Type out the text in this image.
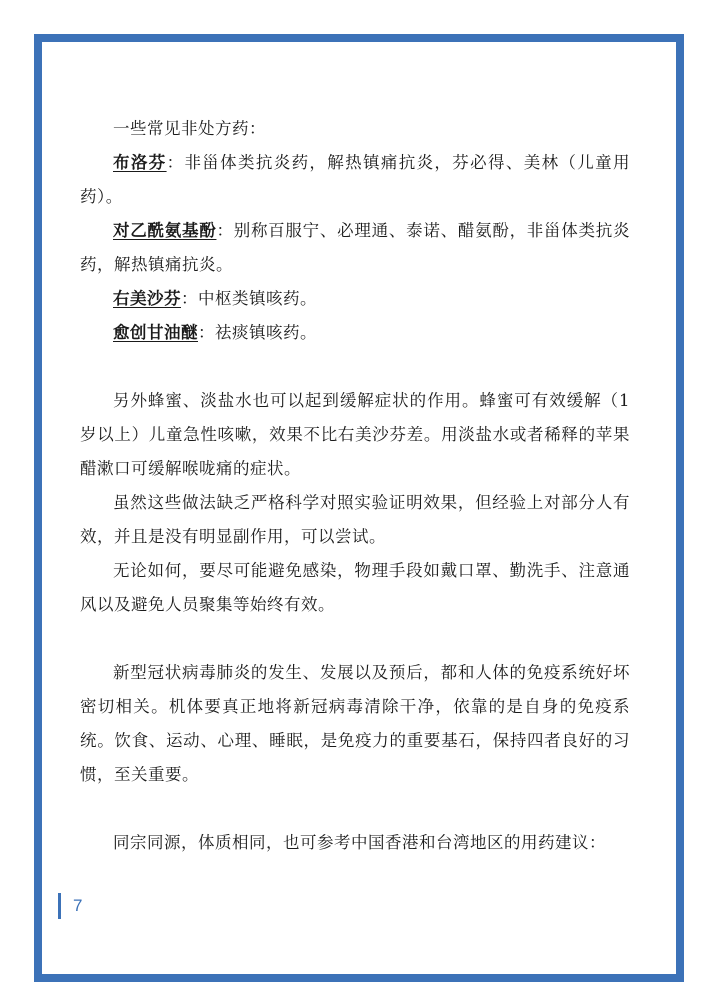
一些常见非处方药：

布洛芬：非甾体类抗炎药，解热镇痛抗炎，芬必得、美林（儿童用药）。

对乙酰氨基酚：别称百服宁、必理通、泰诺、醋氨酚，非甾体类抗炎药，解热镇痛抗炎。

右美沙芬：中枢类镇咳药。

愈创甘油醚：祛痰镇咳药。

另外蜂蜜、淡盐水也可以起到缓解症状的作用。蜂蜜可有效缓解（1岁以上）儿童急性咳嗽，效果不比右美沙芬差。用淡盐水或者稀释的苹果醋漱口可缓解喉咙痛的症状。

虽然这些做法缺乏严格科学对照实验证明效果，但经验上对部分人有效，并且是没有明显副作用，可以尝试。

无论如何，要尽可能避免感染，物理手段如戴口罩、勤洗手、注意通风以及避免人员聚集等始终有效。

新型冠状病毒肺炎的发生、发展以及预后，都和人体的免疫系统好坏密切相关。机体要真正地将新冠病毒清除干净，依靠的是自身的免疫系统。饮食、运动、心理、睡眠，是免疫力的重要基石，保持四者良好的习惯，至关重要。

同宗同源，体质相同，也可参考中国香港和台湾地区的用药建议：

7
